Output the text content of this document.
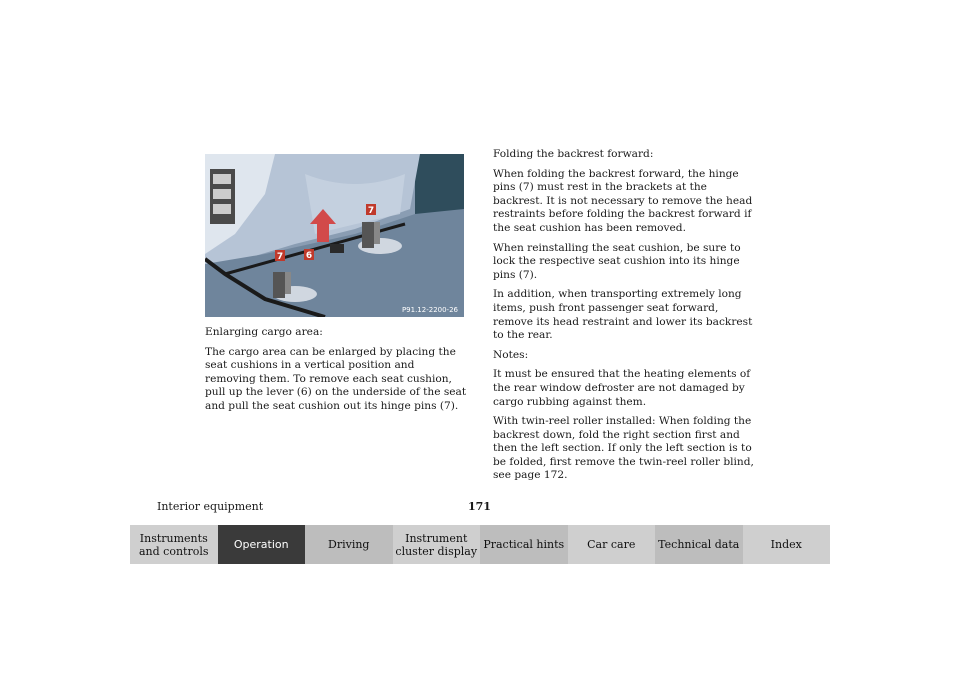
7	6
7
P91.12-2200-26

Enlarging cargo area:

The cargo area can be enlarged by placing the seat cushions in a vertical position and removing them. To remove each seat cushion, pull up the lever (6) on the underside of the seat and pull the seat cushion out its hinge pins (7).

Folding the backrest forward:

When folding the backrest forward, the hinge pins (7) must rest in the brackets at the backrest. It is not necessary to remove the head restraints before folding the backrest forward if the seat cushion has been removed.

When reinstalling the seat cushion, be sure to lock the respective seat cushion into its hinge pins (7).

In addition, when transporting extremely long items, push front passenger seat forward, remove its head restraint and lower its backrest to the rear.

Notes:

It must be ensured that the heating elements of the rear window defroster are not damaged by cargo rubbing against them.

With twin-reel roller installed: When folding the backrest down, fold the right section first and then the left section. If only the left section is to be folded, first remove the twin-reel roller blind, see page 172.

Interior equipment	171
Instruments and controls	Operation	Driving	Instrument cluster display Practical hints	Car care	Technical data	Index
